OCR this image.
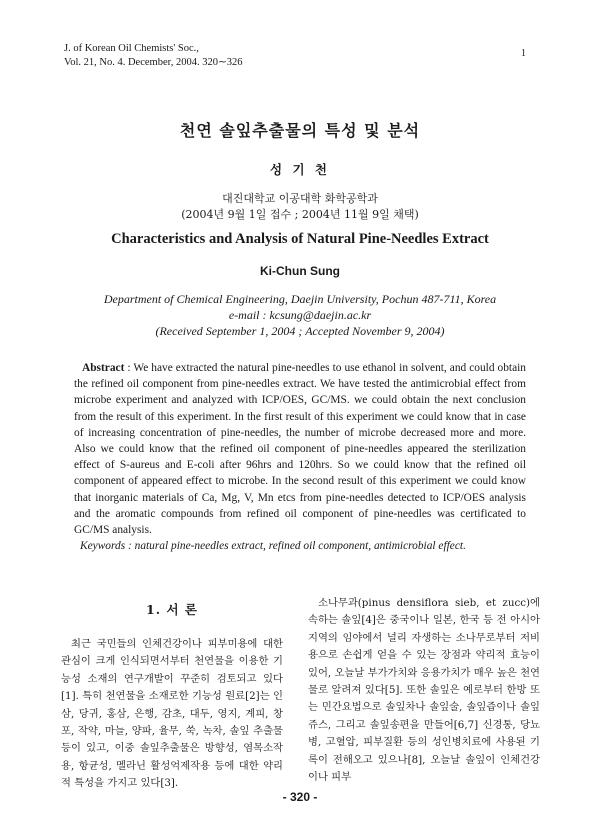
J. of Korean Oil Chemists' Soc.,
Vol. 21, No. 4. December, 2004. 320∼326
1
천연 솔잎추출물의 특성 및 분석
성 기 천
대진대학교 이공대학 화학공학과
(2004년 9월 1일 접수 ; 2004년 11월 9일 채택)
Characteristics and Analysis of Natural Pine-Needles Extract
Ki-Chun Sung
Department of Chemical Engineering, Daejin University, Pochun 487-711, Korea
e-mail : kcsung@daejin.ac.kr
(Received September 1, 2004 ; Accepted November 9, 2004)
Abstract : We have extracted the natural pine-needles to use ethanol in solvent, and could obtain the refined oil component from pine-needles extract. We have tested the antimicrobial effect from microbe experiment and analyzed with ICP/OES, GC/MS. we could obtain the next conclusion from the result of this experiment. In the first result of this experiment we could know that in case of increasing concentration of pine-needles, the number of microbe decreased more and more. Also we could know that the refined oil component of pine-needles appeared the sterilization effect of S-aureus and E-coli after 96hrs and 120hrs. So we could know that the refined oil component of appeared effect to microbe. In the second result of this experiment we could know that inorganic materials of Ca, Mg, V, Mn etcs from pine-needles detected to ICP/OES analysis and the aromatic compounds from refined oil component of pine-needles was certificated to GC/MS analysis.
Keywords : natural pine-needles extract, refined oil component, antimicrobial effect.
1. 서 론
최근 국민들의 인체건강이나 피부미용에 대한 관심이 크게 인식되면서부터 천연물을 이용한 기능성 소재의 연구개발이 꾸준히 검토되고 있다[1]. 특히 천연물을 소재로한 기능성 원료[2]는 인삼, 당귀, 홍삼, 은행, 감초, 대두, 영지, 계피, 창포, 작약, 마늘, 양파, 율무, 쑥, 녹차, 솔잎 추출물 등이 있고, 이중 솔잎추출물은 방향성, 염목소작용, 항균성, 멜라닌 활성억제작용 등에 대한 약리적 특성을 가지고 있다[3].
소나무과(pinus densiflora sieb, et zucc)에 속하는 솔잎[4]은 중국이나 일본, 한국 등 전 아시아 지역의 임야에서 널리 자생하는 소나무로부터 저비용으로 손쉽게 얻을 수 있는 장점과 약리적 효능이 있어, 오늘날 부가가치와 응용가치가 매우 높은 천연물로 알려져 있다[5]. 또한 솔잎은 예로부터 한방 또는 민간요법으로 솔잎차나 솔잎술, 솔잎즙이나 솔잎쥬스, 그리고 솔잎송편을 만들어[6,7] 신경통, 당뇨병, 고혈압, 피부질환 등의 성인병치료에 사용된 기록이 전해오고 있으나[8], 오늘날 솔잎이 인체건강이나 피부
- 320 -
